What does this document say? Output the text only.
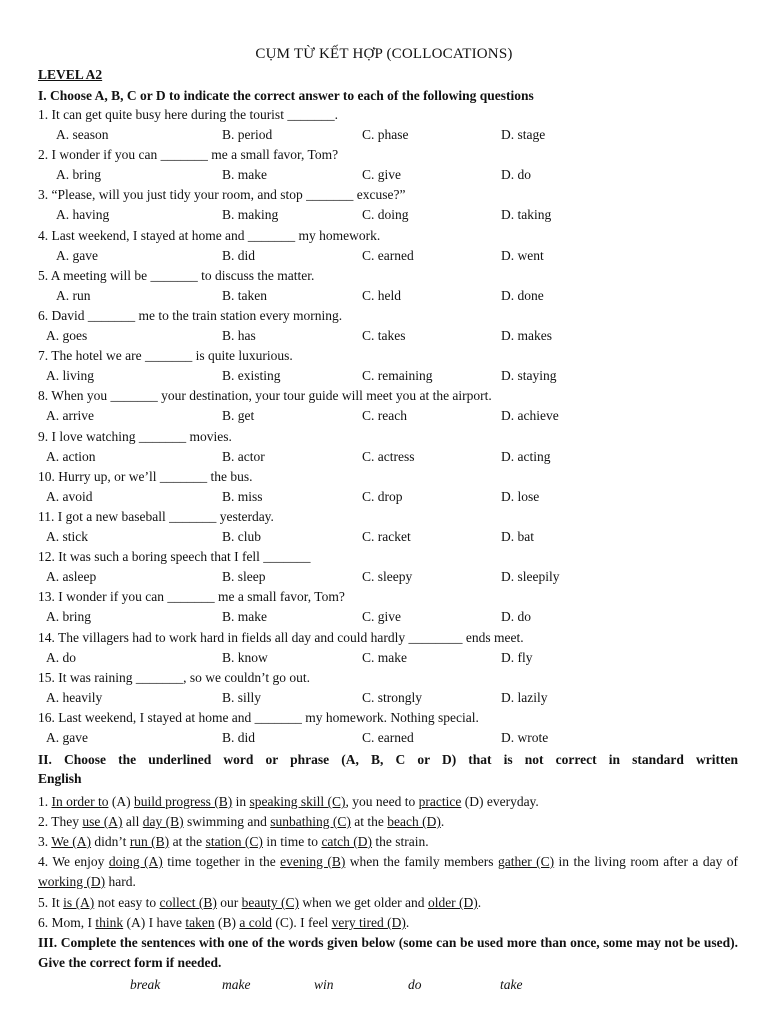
CỤM TỪ KẾT HỢP (COLLOCATIONS)
LEVEL A2
I. Choose A, B, C or D to indicate the correct answer to each of the following questions
1. It can get quite busy here during the tourist _______.
A. season	B. period	C. phase	D. stage
2. I wonder if you can _______ me a small favor, Tom?
A. bring	B. make	C. give	D. do
3. “Please, will you just tidy your room, and stop _______ excuse?”
A. having	B. making	C. doing	D. taking
4. Last weekend, I stayed at home and _______ my homework.
A. gave	B. did	C. earned	D. went
5. A meeting will be _______ to discuss the matter.
A. run	B. taken	C. held	D. done
6. David _______ me to the train station every morning.
A. goes	B. has	C. takes	D. makes
7. The hotel we are _______ is quite luxurious.
A. living	B. existing	C. remaining	D. staying
8. When you _______ your destination, your tour guide will meet you at the airport.
A. arrive	B. get	C. reach	D. achieve
9. I love watching _______ movies.
A. action	B. actor	C. actress	D. acting
10. Hurry up, or we’ll _______ the bus.
A. avoid	B. miss	C. drop	D. lose
11. I got a new baseball _______ yesterday.
A. stick	B. club	C. racket	D. bat
12. It was such a boring speech that I fell _______
A. asleep	B. sleep	C. sleepy	D. sleepily
13. I wonder if you can _______ me a small favor, Tom?
A. bring	B. make	C. give	D. do
14. The villagers had to work hard in fields all day and could hardly ________ ends meet.
A. do	B. know	C. make	D. fly
15. It was raining _______, so we couldn’t go out.
A. heavily	B. silly	C. strongly	D. lazily
16. Last weekend, I stayed at home and _______ my homework. Nothing special.
A. gave	B. did	C. earned	D. wrote
II. Choose the underlined word or phrase (A, B, C or D) that is not correct in standard written
English
1. In order to (A) build progress (B) in speaking skill (C), you need to practice (D) everyday.
2. They use (A) all day (B) swimming and sunbathing (C) at the beach (D).
3. We (A) didn’t run (B) at the station (C) in time to catch (D) the strain.
4. We enjoy doing (A) time together in the evening (B) when the family members gather (C) in the living room after a day of working (D) hard.
5. It is (A) not easy to collect (B) our beauty (C) when we get older and older (D).
6. Mom, I think (A) I have taken (B) a cold (C). I feel very tired (D).
III. Complete the sentences with one of the words given below (some can be used more than once, some may not be used). Give the correct form if needed.
break	make	win	do	take
